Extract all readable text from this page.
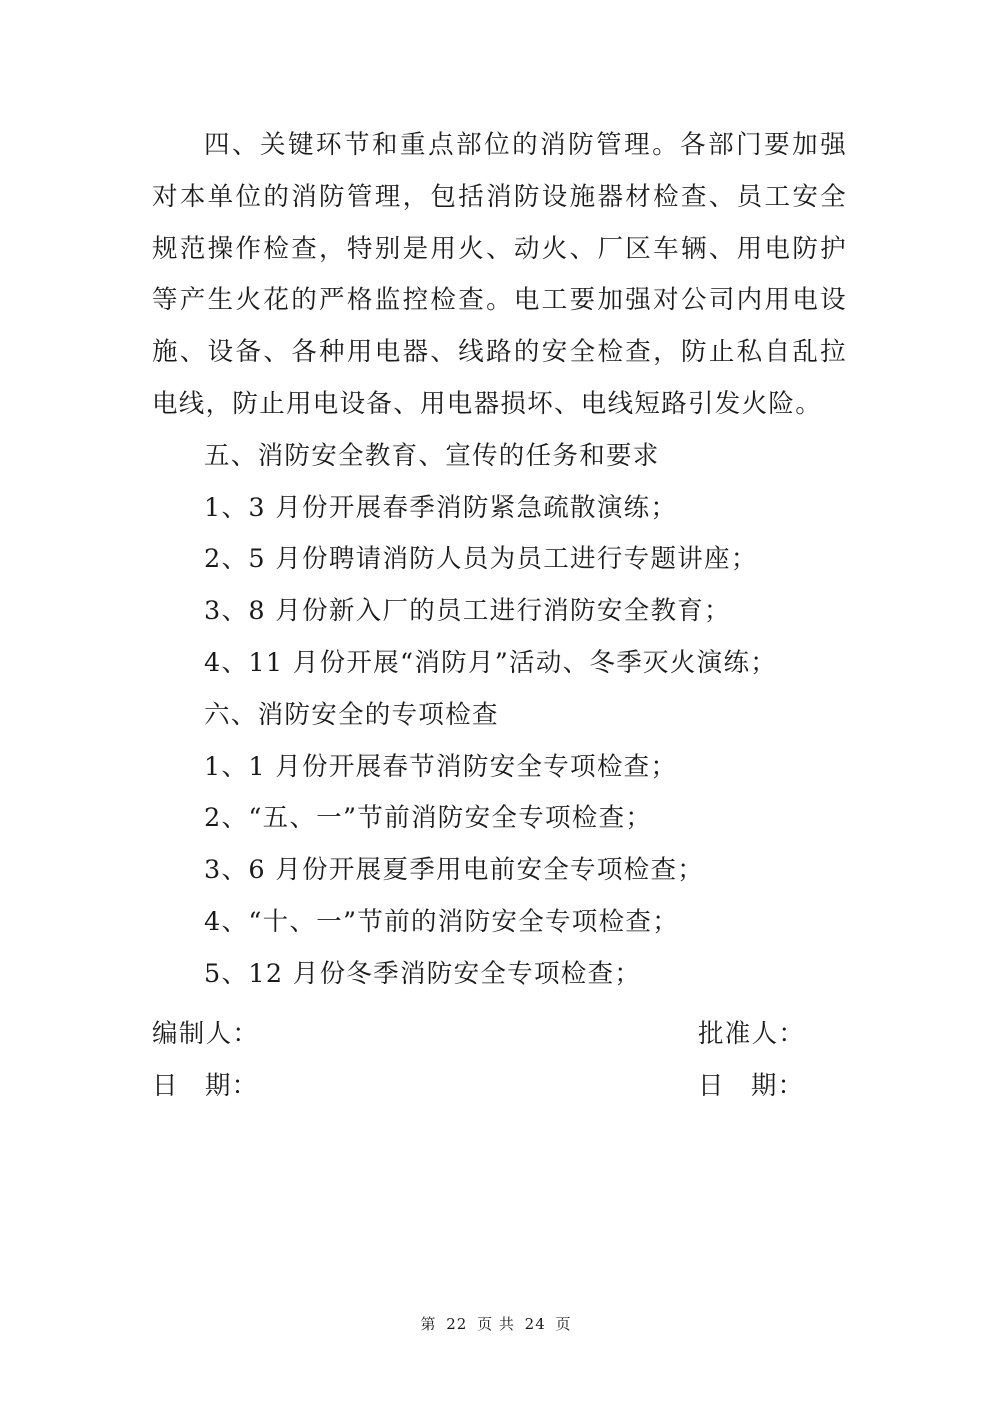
四、关键环节和重点部位的消防管理。各部门要加强对本单位的消防管理，包括消防设施器材检查、员工安全规范操作检查，特别是用火、动火、厂区车辆、用电防护等产生火花的严格监控检查。电工要加强对公司内用电设施、设备、各种用电器、线路的安全检查，防止私自乱拉电线，防止用电设备、用电器损坏、电线短路引发火险。

五、消防安全教育、宣传的任务和要求

1、3 月份开展春季消防紧急疏散演练；

2、5 月份聘请消防人员为员工进行专题讲座；

3、8 月份新入厂的员工进行消防安全教育；

4、11 月份开展“消防月”活动、冬季灭火演练；

六、消防安全的专项检查

1、1 月份开展春节消防安全专项检查；

2、“五、一”节前消防安全专项检查；

3、6 月份开展夏季用电前安全专项检查；

4、“十、一”节前的消防安全专项检查；

5、12 月份冬季消防安全专项检查；

编制人：	批准人：
日 期：	日 期：
第 22 页 共 24 页
